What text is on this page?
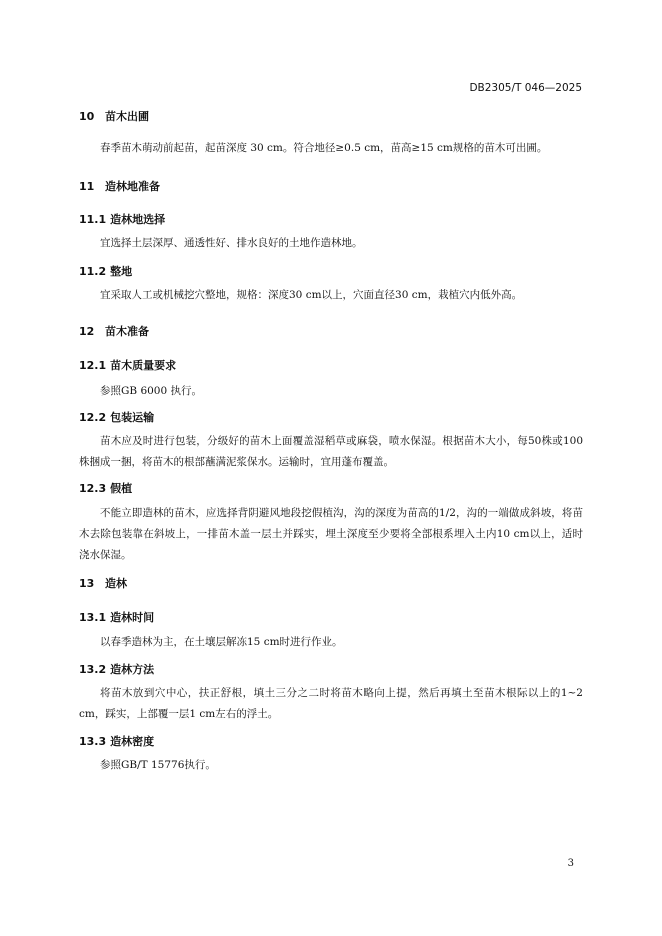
DB2305/T 046—2025
10 苗木出圃

春季苗木萌动前起苗，起苗深度 30 cm。符合地径≥0.5 cm，苗高≥15 cm规格的苗木可出圃。

11 造林地准备
11.1 造林地选择

宜选择土层深厚、通透性好、排水良好的土地作造林地。

11.2 整地

宜采取人工或机械挖穴整地，规格：深度30 cm以上，穴面直径30 cm，栽植穴内低外高。

12 苗木准备
12.1 苗木质量要求

参照GB 6000 执行。

12.2 包装运输

苗木应及时进行包装，分级好的苗木上面覆盖湿稻草或麻袋，喷水保湿。根据苗木大小，每50株或100株捆成一捆，将苗木的根部蘸满泥浆保水。运输时，宜用蓬布覆盖。

12.3 假植

不能立即造林的苗木，应选择背阴避风地段挖假植沟，沟的深度为苗高的1/2，沟的一端做成斜坡，将苗木去除包装靠在斜坡上，一排苗木盖一层土并踩实，埋土深度至少要将全部根系埋入土内10 cm以上，适时浇水保湿。

13 造林
13.1 造林时间

以春季造林为主，在土壤层解冻15 cm时进行作业。

13.2 造林方法

将苗木放到穴中心，扶正舒根，填土三分之二时将苗木略向上提，然后再填土至苗木根际以上的1~2 cm，踩实，上部覆一层1 cm左右的浮土。

13.3 造林密度

参照GB/T 15776执行。

3
